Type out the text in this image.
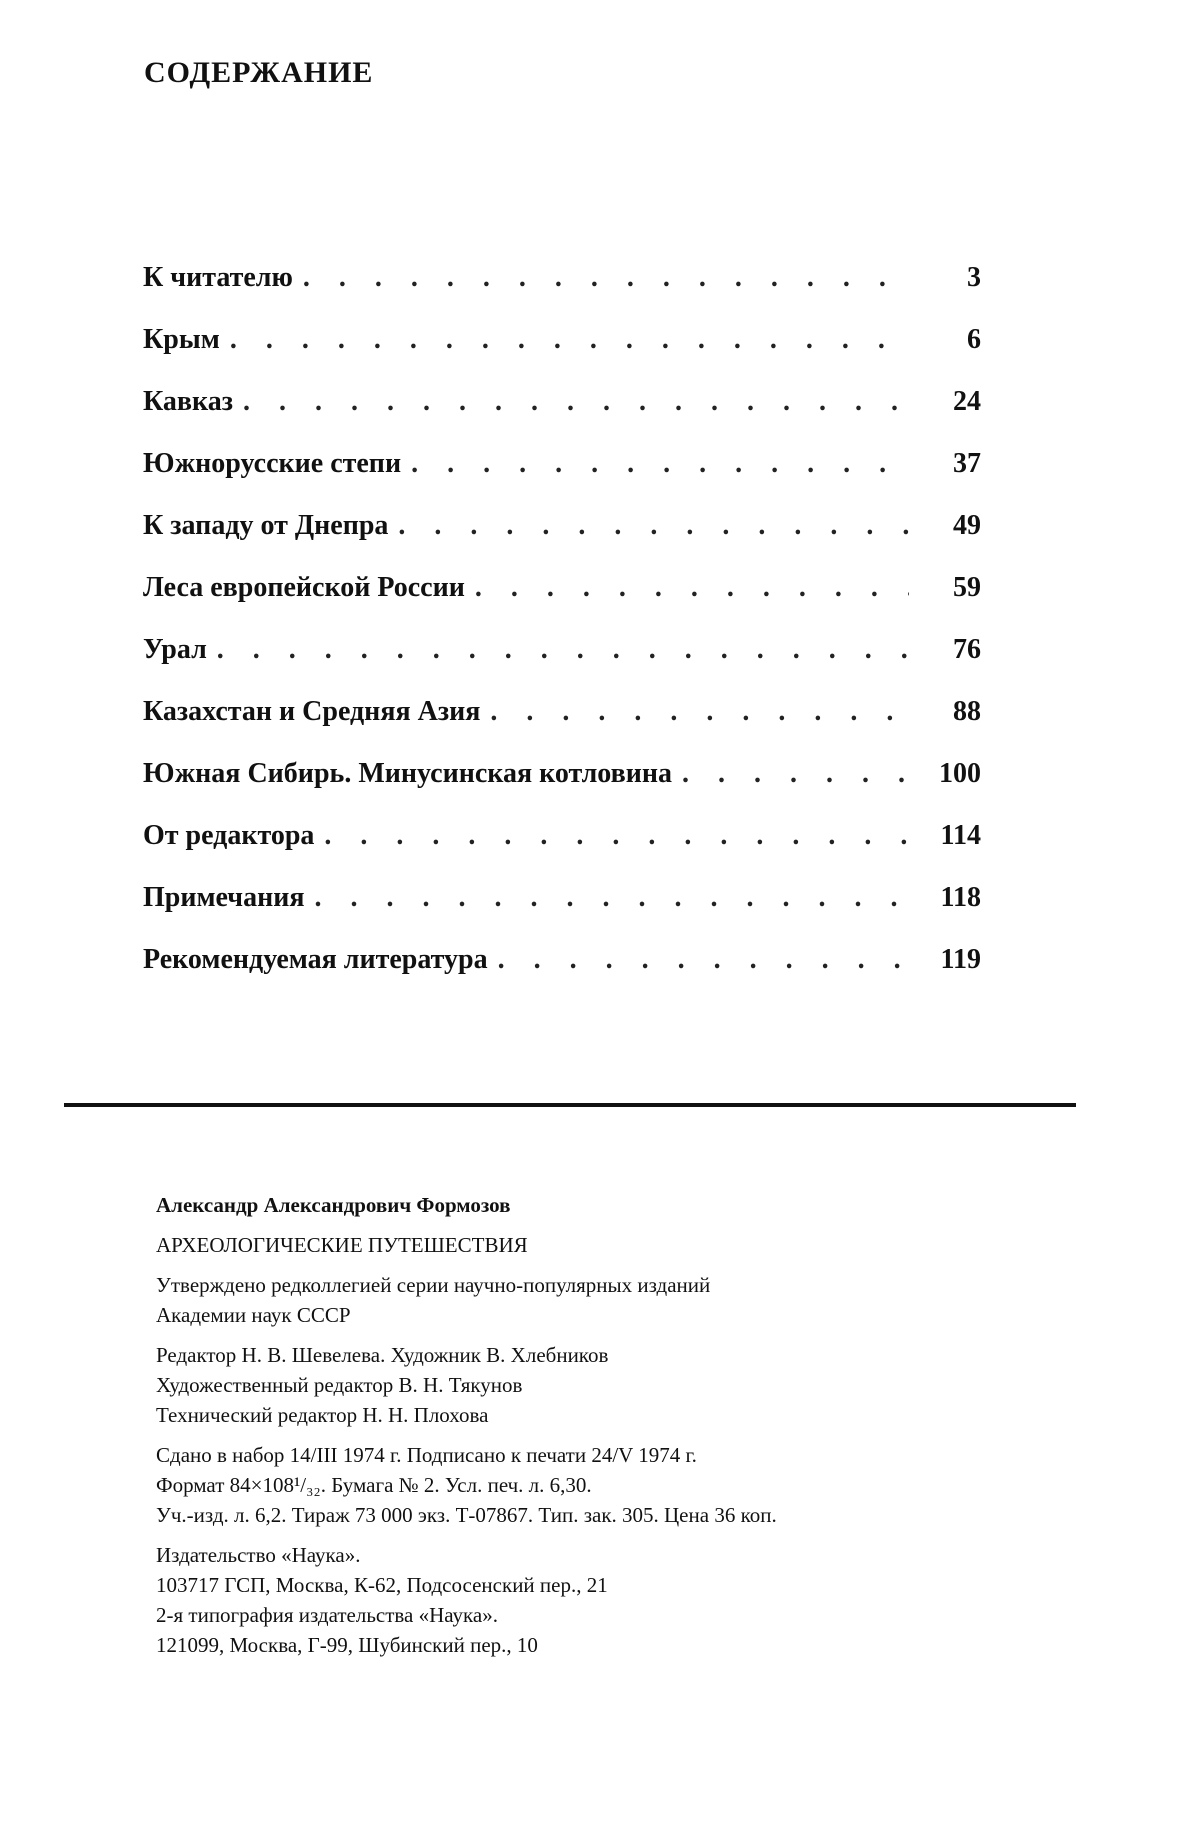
СОДЕРЖАНИЕ
К читателю . . .	3
Крым . . .	6
Кавказ . . .	24
Южнорусские степи . . .	37
К западу от Днепра . . .	49
Леса европейской России . . .	59
Урал . . .	76
Казахстан и Средняя Азия . . .	88
Южная Сибирь. Минусинская котловина . . .	100
От редактора . . .	114
Примечания . . .	118
Рекомендуемая литература . . .	119

Александр Александрович Формозов

АРХЕОЛОГИЧЕСКИЕ ПУТЕШЕСТВИЯ

Утверждено редколлегией серии научно-популярных изданий

Академии наук СССР

Редактор Н. В. Шевелева. Художник В. Хлебников

Художественный редактор В. Н. Тякунов

Технический редактор Н. Н. Плохова

Сдано в набор 14/III 1974 г. Подписано к печати 24/V 1974 г.

Формат 84×108¹/₃₂. Бумага № 2. Усл. печ. л. 6,30.

Уч.-изд. л. 6,2. Тираж 73 000 экз. Т-07867. Тип. зак. 305. Цена 36 коп.

Издательство «Наука».

103717 ГСП, Москва, К-62, Подсосенский пер., 21

2-я типография издательства «Наука».

121099, Москва, Г-99, Шубинский пер., 10
